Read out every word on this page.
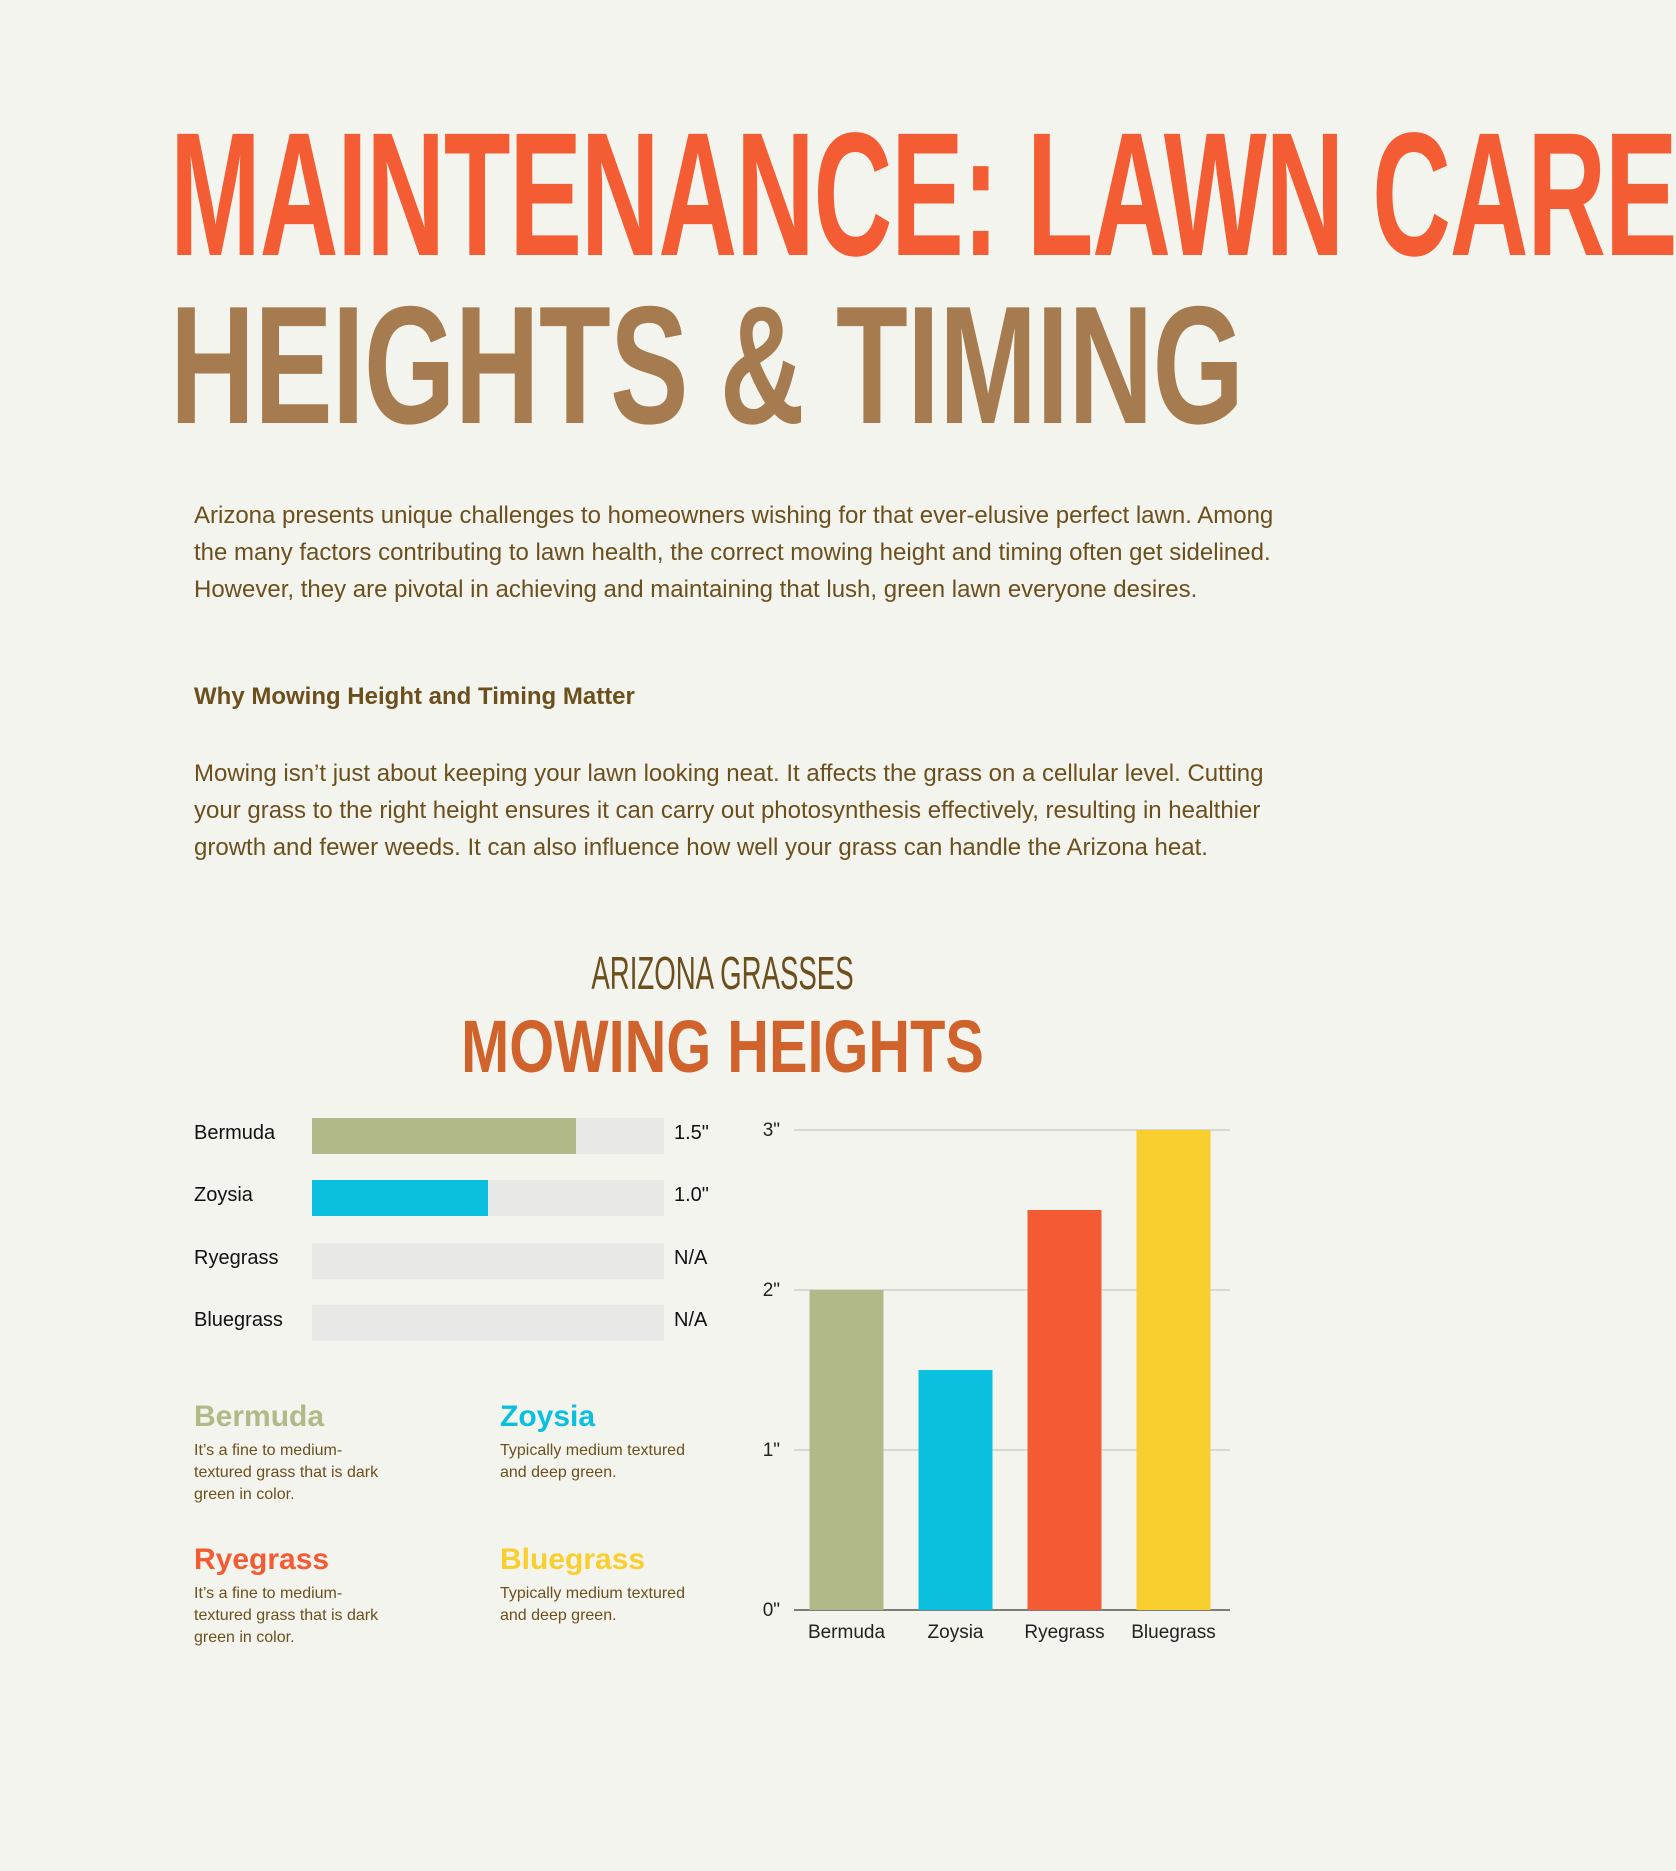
MAINTENANCE: LAWN CARE
HEIGHTS & TIMING

Arizona presents unique challenges to homeowners wishing for that ever-elusive perfect lawn. Among the many factors contributing to lawn health, the correct mowing height and timing often get sidelined. However, they are pivotal in achieving and maintaining that lush, green lawn everyone desires.

Why Mowing Height and Timing Matter

Mowing isn’t just about keeping your lawn looking neat. It affects the grass on a cellular level. Cutting your grass to the right height ensures it can carry out photosynthesis effectively, resulting in healthier growth and fewer weeds. It can also influence how well your grass can handle the Arizona heat.

ARIZONA GRASSES
MOWING HEIGHTS
Bermuda	1.5"
Zoysia	1.0"
Ryegrass	N/A
Bluegrass	N/A
Bermuda

It’s a fine to medium-textured grass that is dark green in color.

Zoysia

Typically medium textured and deep green.

Ryegrass

It’s a fine to medium-textured grass that is dark green in color.

Bluegrass

Typically medium textured and deep green.	0"
1"
2"
3"
Bermuda Zoysia Ryegrass Bluegrass
